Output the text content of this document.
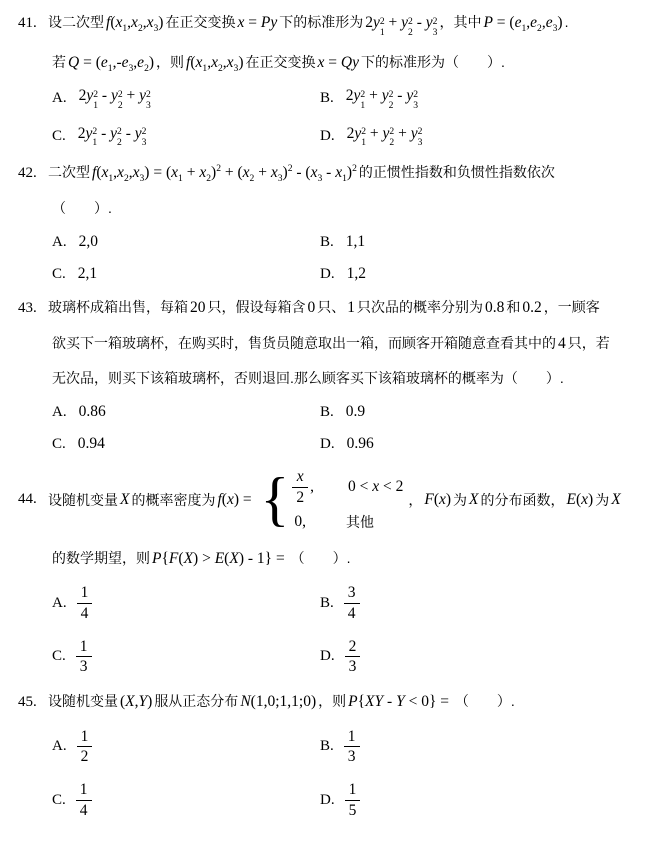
41. 设二次型 $f(x_1,x_2,x_3)$ 在正交变换 x = Py 下的标准形为 2y 2
1
+ y 2
2
- y 2
3
，其中 $P = (e_1,e_2,e_3)$ .
若 $Q = (e_1,-e_3,e_2)$ ，则 $f(x_1,x_2,x_3)$ 在正交变换 x = Qy 下的标准形为（　　）.
A. 2y 2
1
- y 2
2
+ y 2
3	B. 2y 2
1
+ y 2
2
- y 2
3
C. 2y 2
1
- y 2
2
- y 2
3	D. 2y 2
1
+ y 2
2
+ y 2
3
42. 二次型 $f(x_1,x_2,x_3) = (x_1 + x_2)^2 + (x_2 + x_3)^2 - (x_3 - x_1)^2$ 的正惯性指数和负惯性指数依次
（　　）.
A. 2,0	B. 1,1
C. 2,1	D. 1,2
43. 玻璃杯成箱出售，每箱 20 只，假设每箱含 0 只、 1 只次品的概率分别为 0.8 和 0.2 ，一顾客
欲买下一箱玻璃杯，在购买时，售货员随意取出一箱，而顾客开箱随意查看其中的 4 只，若
无次品，则买下该箱玻璃杯，否则退回.那么顾客买下该箱玻璃杯的概率为（　　）.
A. 0.86	B. 0.9
C. 0.94	D. 0.96
44. 设随机变量 X 的概率密度为 f(x) = { $\frac{x}{2}$ , 0 < x < 2
0,	其他
， F(x) 为 X 的分布函数， E(x) 为 X
的数学期望，则 P{F(X) > E(X) - 1} = （　　）.
A. $\frac{1}{4}$	B. $\frac{3}{4}$
C. $\frac{1}{3}$	D. $\frac{2}{3}$
45. 设随机变量 (X,Y) 服从正态分布 N(1,0;1,1;0) ，则 P{XY - Y < 0} = （　　）.
A. $\frac{1}{2}$	B. $\frac{1}{3}$
C. $\frac{1}{4}$	D. $\frac{1}{5}$
